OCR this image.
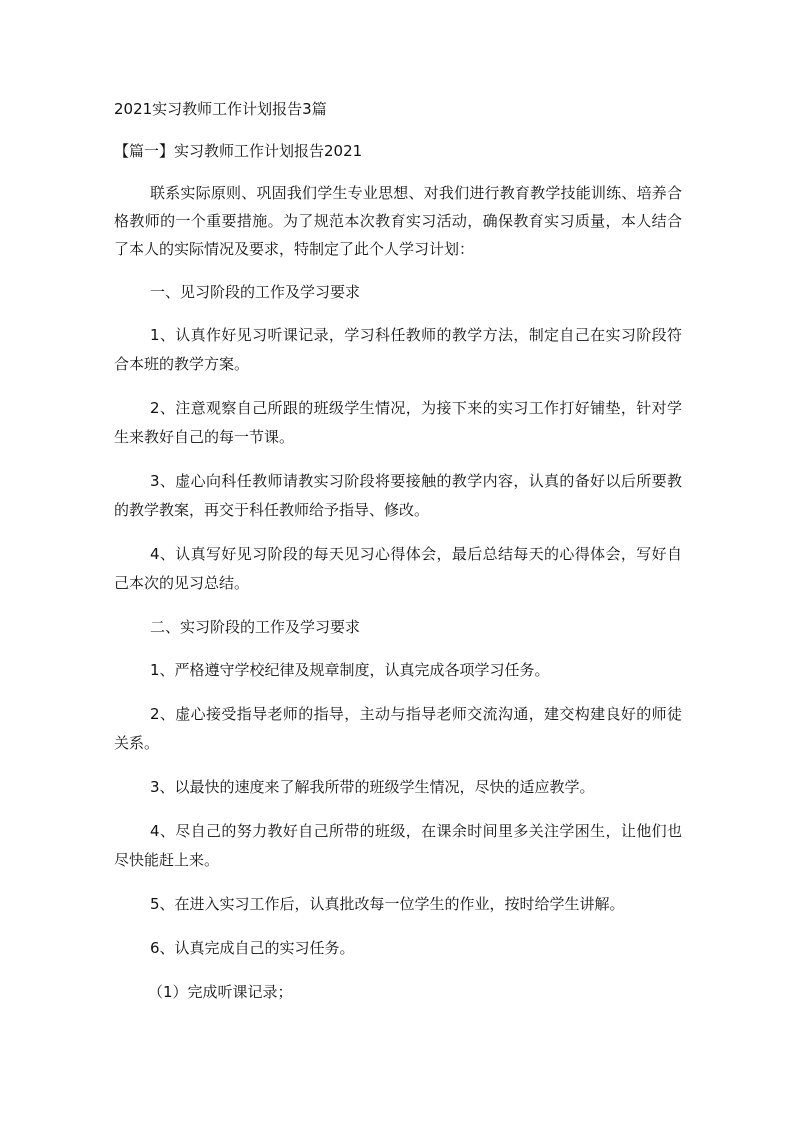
2021实习教师工作计划报告3篇
【篇一】实习教师工作计划报告2021

联系实际原则、巩固我们学生专业思想、对我们进行教育教学技能训练、培养合格教师的一个重要措施。为了规范本次教育实习活动，确保教育实习质量，本人结合了本人的实际情况及要求，特制定了此个人学习计划：

一、见习阶段的工作及学习要求

1、认真作好见习听课记录，学习科任教师的教学方法，制定自己在实习阶段符合本班的教学方案。

2、注意观察自己所跟的班级学生情况，为接下来的实习工作打好铺垫，针对学生来教好自己的每一节课。

3、虚心向科任教师请教实习阶段将要接触的教学内容，认真的备好以后所要教的教学教案，再交于科任教师给予指导、修改。

4、认真写好见习阶段的每天见习心得体会，最后总结每天的心得体会，写好自己本次的见习总结。

二、实习阶段的工作及学习要求

1、严格遵守学校纪律及规章制度，认真完成各项学习任务。

2、虚心接受指导老师的指导，主动与指导老师交流沟通，建交构建良好的师徒关系。

3、以最快的速度来了解我所带的班级学生情况，尽快的适应教学。

4、尽自己的努力教好自己所带的班级，在课余时间里多关注学困生，让他们也尽快能赶上来。

5、在进入实习工作后，认真批改每一位学生的作业，按时给学生讲解。

6、认真完成自己的实习任务。

（1）完成听课记录；
